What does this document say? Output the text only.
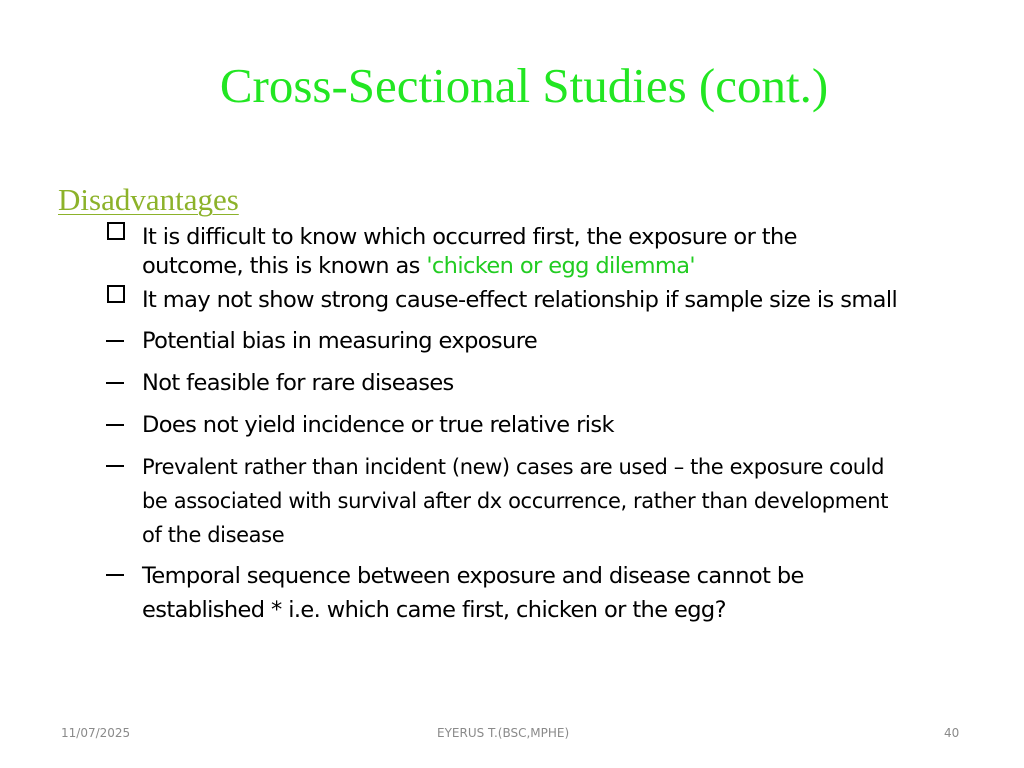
Cross-Sectional Studies (cont.)
Disadvantages
It is difficult to know which occurred first, the exposure or the
outcome, this is known as 'chicken or egg dilemma'
It may not show strong cause-effect relationship if sample size is small
Potential bias in measuring exposure
Not feasible for rare diseases
Does not yield incidence or true relative risk
Prevalent rather than incident (new) cases are used – the exposure could
be associated with survival after dx occurrence, rather than development
of the disease
Temporal sequence between exposure and disease cannot be
established * i.e. which came first, chicken or the egg?
11/07/2025	EYERUS T.(BSC,MPHE)	40
